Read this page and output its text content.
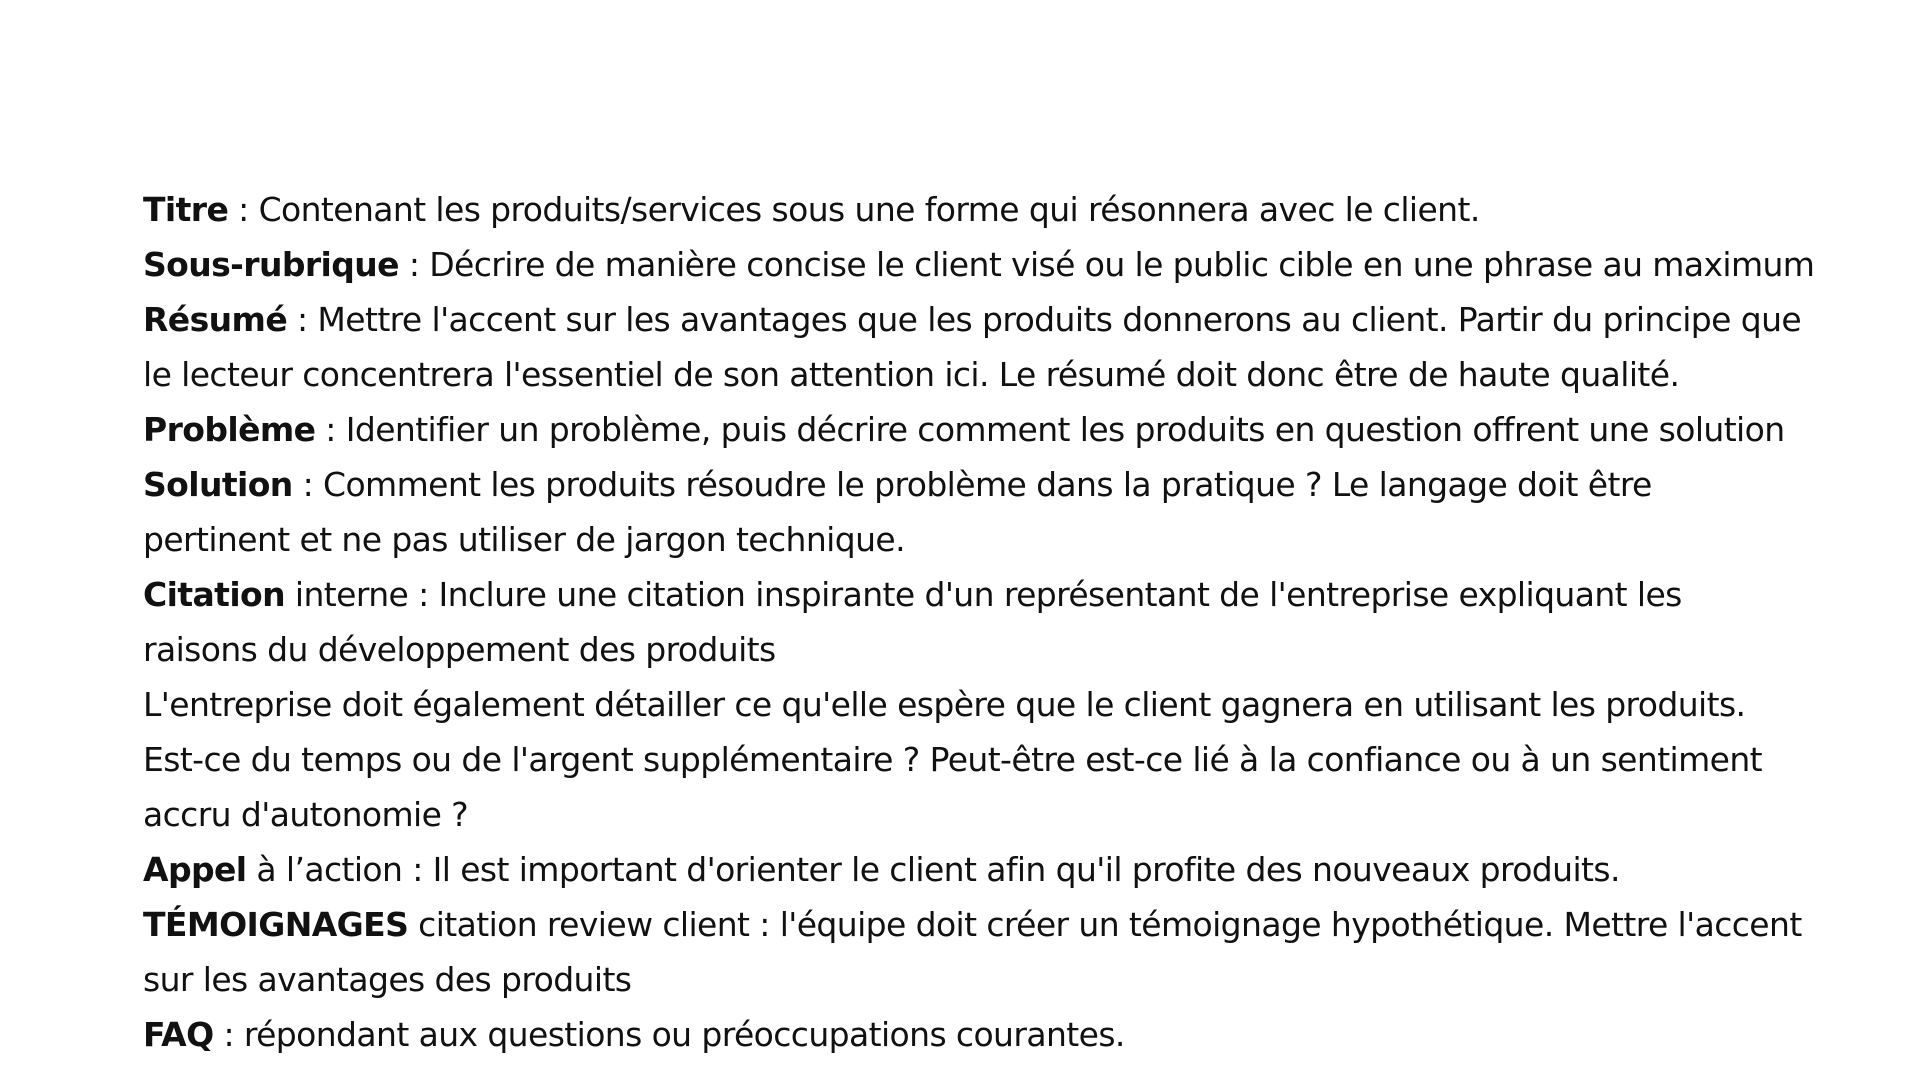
Titre : Contenant les produits/services sous une forme qui résonnera avec le client.
Sous-rubrique : Décrire de manière concise le client visé ou le public cible en une phrase au maximum
Résumé : Mettre l'accent sur les avantages que les produits donnerons au client. Partir du principe que
le lecteur concentrera l'essentiel de son attention ici. Le résumé doit donc être de haute qualité.
Problème : Identifier un problème, puis décrire comment les produits en question offrent une solution
Solution : Comment les produits résoudre le problème dans la pratique ? Le langage doit être
pertinent et ne pas utiliser de jargon technique.
Citation interne : Inclure une citation inspirante d'un représentant de l'entreprise expliquant les
raisons du développement des produits
L'entreprise doit également détailler ce qu'elle espère que le client gagnera en utilisant les produits.
Est-ce du temps ou de l'argent supplémentaire ? Peut-être est-ce lié à la confiance ou à un sentiment
accru d'autonomie ?
Appel à l’action : Il est important d'orienter le client afin qu'il profite des nouveaux produits.
TÉMOIGNAGES citation review client : l'équipe doit créer un témoignage hypothétique. Mettre l'accent
sur les avantages des produits
FAQ : répondant aux questions ou préoccupations courantes.
